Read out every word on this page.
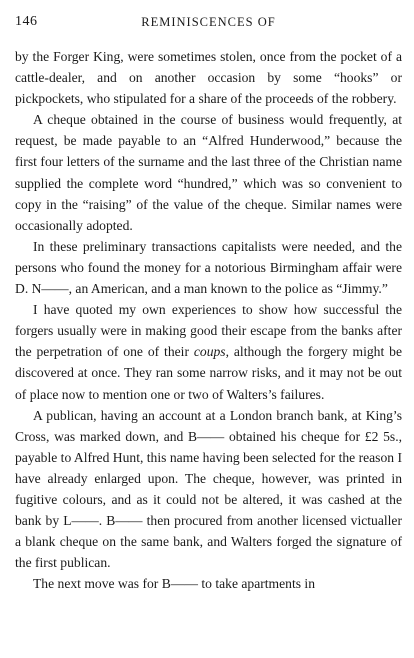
146	REMINISCENCES OF

by the Forger King, were sometimes stolen, once from the pocket of a cattle-dealer, and on another occasion by some “hooks” or pickpockets, who stipulated for a share of the proceeds of the robbery.

A cheque obtained in the course of business would frequently, at request, be made payable to an “Alfred Hunderwood,” because the first four letters of the surname and the last three of the Christian name supplied the complete word “hundred,” which was so convenient to copy in the “raising” of the value of the cheque. Similar names were occasionally adopted.

In these preliminary transactions capitalists were needed, and the persons who found the money for a notorious Birmingham affair were D. N——, an American, and a man known to the police as “Jimmy.”

I have quoted my own experiences to show how successful the forgers usually were in making good their escape from the banks after the perpetration of one of their coups, although the forgery might be discovered at once. They ran some narrow risks, and it may not be out of place now to mention one or two of Walters’s failures.

A publican, having an account at a London branch bank, at King’s Cross, was marked down, and B—— obtained his cheque for £2 5s., payable to Alfred Hunt, this name having been selected for the reason I have already enlarged upon. The cheque, however, was printed in fugitive colours, and as it could not be altered, it was cashed at the bank by L——. B—— then procured from another licensed victualler a blank cheque on the same bank, and Walters forged the signature of the first publican.

The next move was for B—— to take apartments in
